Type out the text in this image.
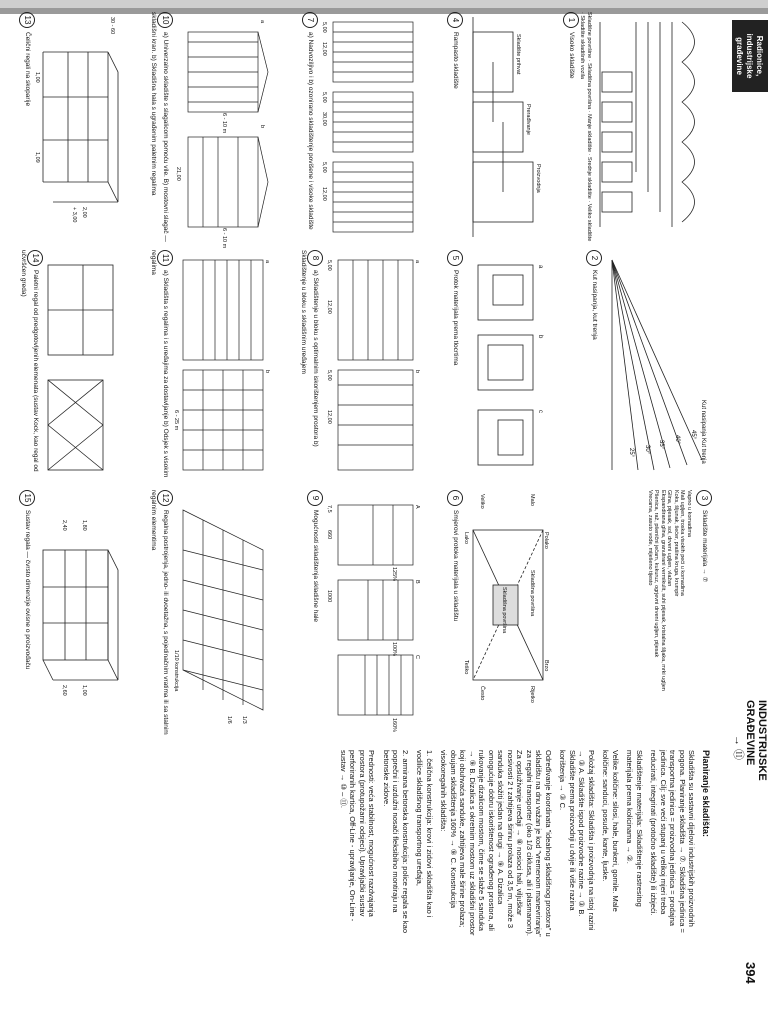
Radionice, industrijske građevine
INDUSTRIJSKE GRAĐEVINE
→ ⑪
394
Skladišne površine · Skladišna površina · Manje skladište · Srednje skladište · Veliko skladište · Skladište skladišnih vozila
1Visoko skladište
45°
40°
35°
30°
25°	Kut nasipanja Kut trenja
2Kut nasipanja, kut trenja
3Skladište materijala → ⑦
Vapno u komadima
Mali ugljen, troska visokih peći u komadima
Koks, šljunak, šećer, prašina kruga, krumpir
Glina, pijesak, sol, drveni ugljen, vlažan
Ekspandirana glina, granulirani vermikulit, suhi pijesak, kristalna šljaka, mrki ugljen
Pšenica, raž, pšenični ječam, kukuruz, ogrjevni drveni ugljen, pijesak
Vrecama, zasuto vode, miješeno tijesto
Skladište prihvat
Prerađivanje
Proizvodnja
4Rampasto skladište
a
b
c
5Protok materijala prema tlocrtima
Polako
Brzo
Malo
Skladišna površina
Rijetko
Veliko
Skladišna površina
Često
Lako
Teško
6Smjerovi protoka materijala u skladištu
12,00
5,00
30,00
5,00
12,00
5,00
7a) Nadvoziljivo i b) ozonirano skladištenje povišene i visoke skladište
a
b
5,00
12,00
5,00
12,00
8a) Skladištenje u bloku s optimalnim iskorištenjem prostora b) Skladištenje u bloku s skladišnim uređajem
A
B
C
7,5
660
1000
160%
100%
125%
9Mogućnosti skladištenja skladišne hale
a
b
6 - 10 m
21,00
6 - 10 m
10a) Univerzalno skladište s slagalicom pomoću vile. B) mostovni slagač — skladišni kran. b) Skladišna hala s ugrađenim paletnim regalima
a
b
6 - 25 m
11a) Skladišta s regalima i s uređajima za dostavljanje b) Odsjek s visokim regalima
1/3
1/6
1/10 konstrukcija
12Regalna postrojenja, jedno- ili dvoetažna, s pojedinačnim vratima ili sa stalnim regalnim elementima
30 - 60
1,00
1,09
2,00
+ 3,00
13Čelični regali na skoparije
14Paletni regal od predgotovljenih elemenata (sustav Kock, kao regal od učvršćen greda)
1,80
2,40
1,00
2,60
15Sustav regala — čvrsto dimenzije ovisne o proizvođaču
Planiranje skladišta:

Skladišta su sastavni dijelovi industrijskih proizvodnih pogona. Planiranje skladišta → ⑦. Skladišna jedinica = transportna jedinica = proizvodna jedinica = prodajna jedinica. Cilj: sve veći stupanj u velikoj mjeri treba reducirati, integrirati (protočno skladište) ili izbjeći.

Skladištenje materijala: Skladištenje rastresitog materijala prema kolicinama → ②.

Velike količine: silosi, hale, bunkeri, gomile. Male količine: sanduci, posude, kante, ljuske.

Položaj skladišta: Skladišta i proizvodnja na istoj razini → ③ A. Skladište ispod proizvodne razine → ③ B. Skladište prema proizvodnji u dvije ili više razina korištenja → ③ C.

Određivanje koordinata "idealnog skladišnog prostora" u skladištu na dnu važan je kod "vremenom manevriranja" za regalni transporter (oko 1/3 ciklusa, ali i plasmanom). Za opsluživanje uređaji → ⑧ nosioci hali, viljuškar nosivosti 2 t zahtijeva širinu prolaza od 3,5 m, može 3 sanduka složiti jedan na drugi → ⑨ A. Dizalica omogućuje dobru iskorištenost ograđenog prostora, ali rukovanje dizalicom mostom, čime se slaže 5 sanduka → ⑨ B. Dizalica s okretnim mostom uz skladišni prostor koji obuhvaća sanduke, zahtijeva male širine prolaza; obujam skladištenja 160% → ⑨ C. Konstrukcija visokoregalnih skladišta:

1. čelična konstrukcija: krovi i zidovi skladišta kao i vodilice skladišnog transportnog uređaja,

2. armirana betonska konstrukcija: police regala se kao poprečni i uzdužni nosači fleksibilno montiraju na betonske zidove.

Prednosti: veća stabilnost, mogućnost razdvajanja prostora (protupožarni odsjeci). Upravljački sustav perforiranih kartica, Off-Line - upravljanje, On-Line - sustav → ⑩ – ⑪.
